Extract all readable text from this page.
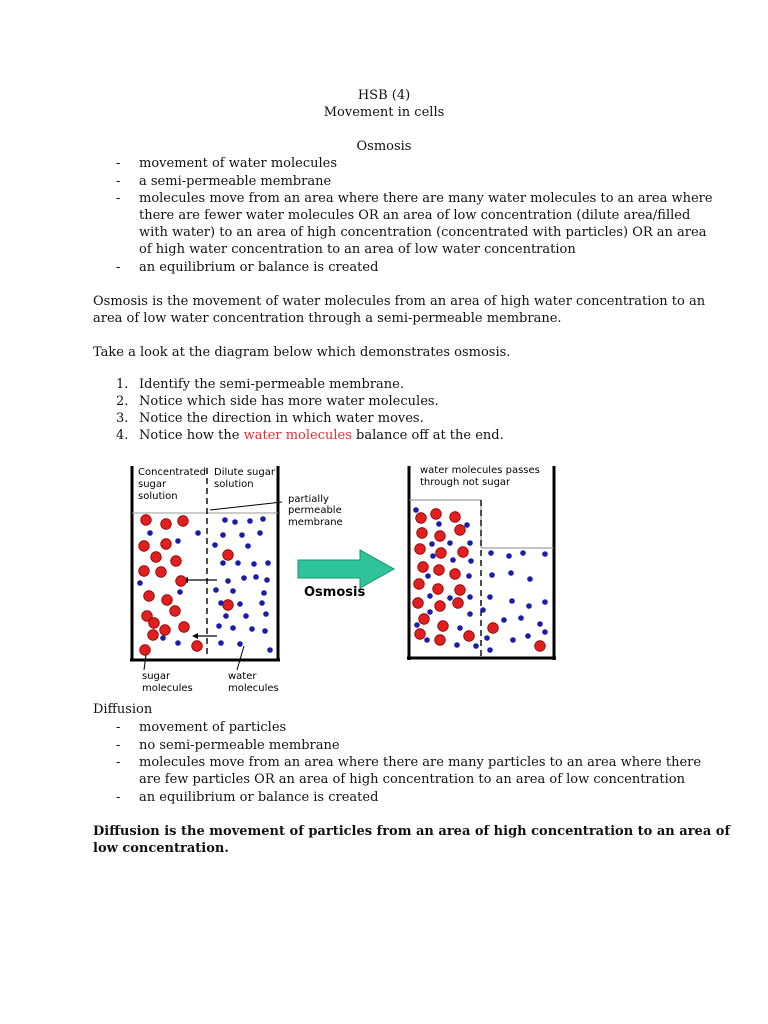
HSB (4)
Movement in cells
Osmosis
- movement of water molecules
- a semi-permeable membrane
- molecules move from an area where there are many water molecules to an area where
there are fewer water molecules OR an area of low concentration (dilute area/filled
with water) to an area of high concentration (concentrated with particles) OR an area
of high water concentration to an area of low water concentration
- an equilibrium or balance is created
Osmosis is the movement of water molecules from an area of high water concentration to an
area of low water concentration through a semi-permeable membrane.
Take a look at the diagram below which demonstrates osmosis.
1. Identify the semi-permeable membrane.
2. Notice which side has more water molecules.
3. Notice the direction in which water moves.
4. Notice how the water molecules balance off at the end.
Concentrated
sugar
solution
Dilute sugar
solution
partially
permeable
membrane
sugar
molecules
water
molecules
Osmosis
water molecules passes
through not sugar
Diffusion
- movement of particles
- no semi-permeable membrane
- molecules move from an area where there are many particles to an area where there
are few particles OR an area of high concentration to an area of low concentration
- an equilibrium or balance is created
Diffusion is the movement of particles from an area of high concentration to an area of
low concentration.
